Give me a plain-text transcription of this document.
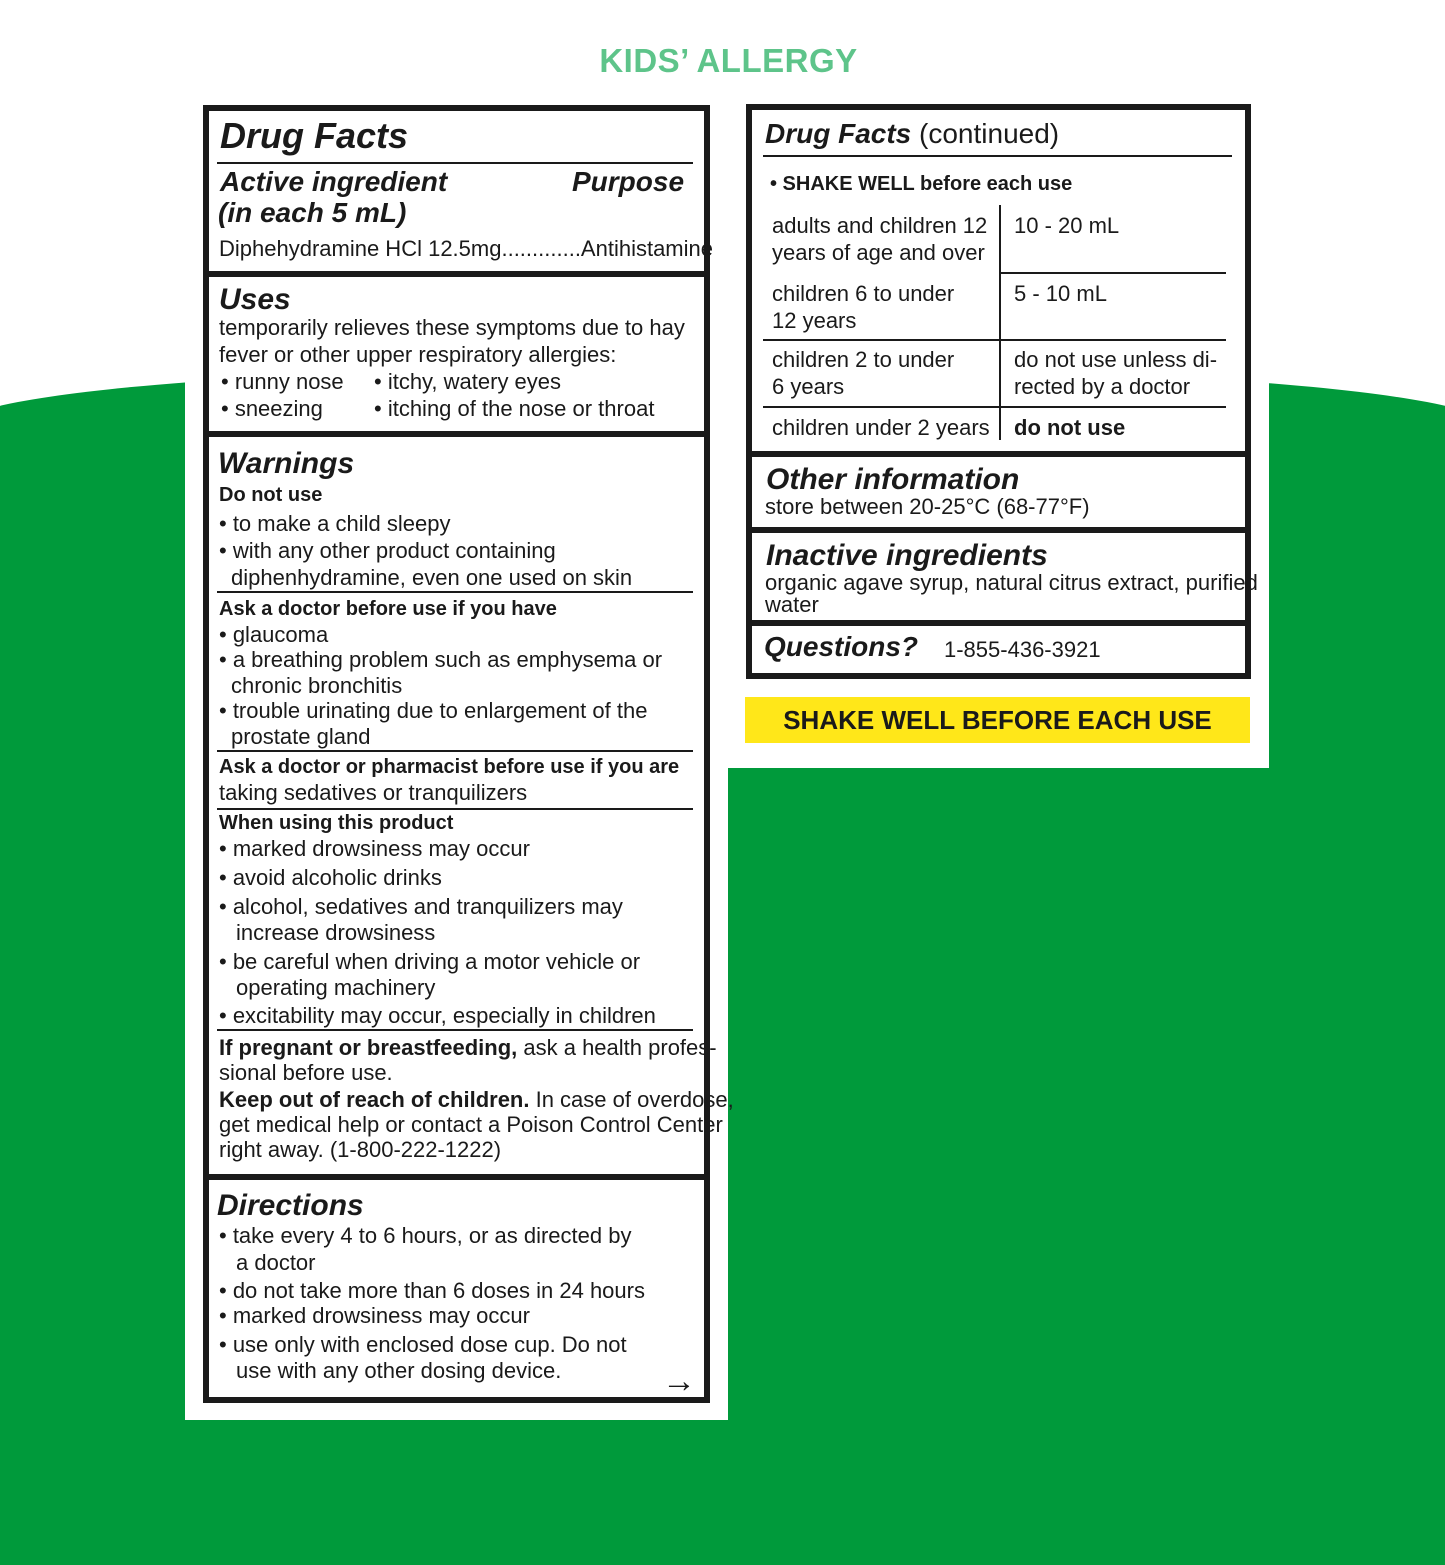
KIDS’ ALLERGY
Drug Facts
Active ingredient	Purpose
(in each 5 mL)
Diphehydramine HCl 12.5mg.............Antihistamine
Uses
temporarily relieves these symptoms due to hay
fever or other upper respiratory allergies:
• runny nose • itchy, watery eyes
• sneezing • itching of the nose or throat
Warnings
Do not use
• to make a child sleepy
• with any other product containing
diphenhydramine, even one used on skin
Ask a doctor before use if you have
• glaucoma
• a breathing problem such as emphysema or
chronic bronchitis
• trouble urinating due to enlargement of the
prostate gland
Ask a doctor or pharmacist before use if you are
taking sedatives or tranquilizers
When using this product
• marked drowsiness may occur
• avoid alcoholic drinks
• alcohol, sedatives and tranquilizers may
increase drowsiness
• be careful when driving a motor vehicle or
operating machinery
• excitability may occur, especially in children
If pregnant or breastfeeding, ask a health profes-
sional before use.
Keep out of reach of children. In case of overdose,
get medical help or contact a Poison Control Center
right away. (1-800-222-1222)
Directions
• take every 4 to 6 hours, or as directed by
a doctor
• do not take more than 6 doses in 24 hours
• marked drowsiness may occur
• use only with enclosed dose cup. Do not
use with any other dosing device.	→
Drug Facts (continued)
• SHAKE WELL before each use
adults and children 12
years of age and over
10 - 20 mL
children 6 to under
12 years
5 - 10 mL
children 2 to under
6 years
do not use unless di-
rected by a doctor
children under 2 years do not use
Other information
store between 20-25°C (68-77°F)
Inactive ingredients
organic agave syrup, natural citrus extract, purified
water
Questions? 1-855-436-3921
SHAKE WELL BEFORE EACH USE
